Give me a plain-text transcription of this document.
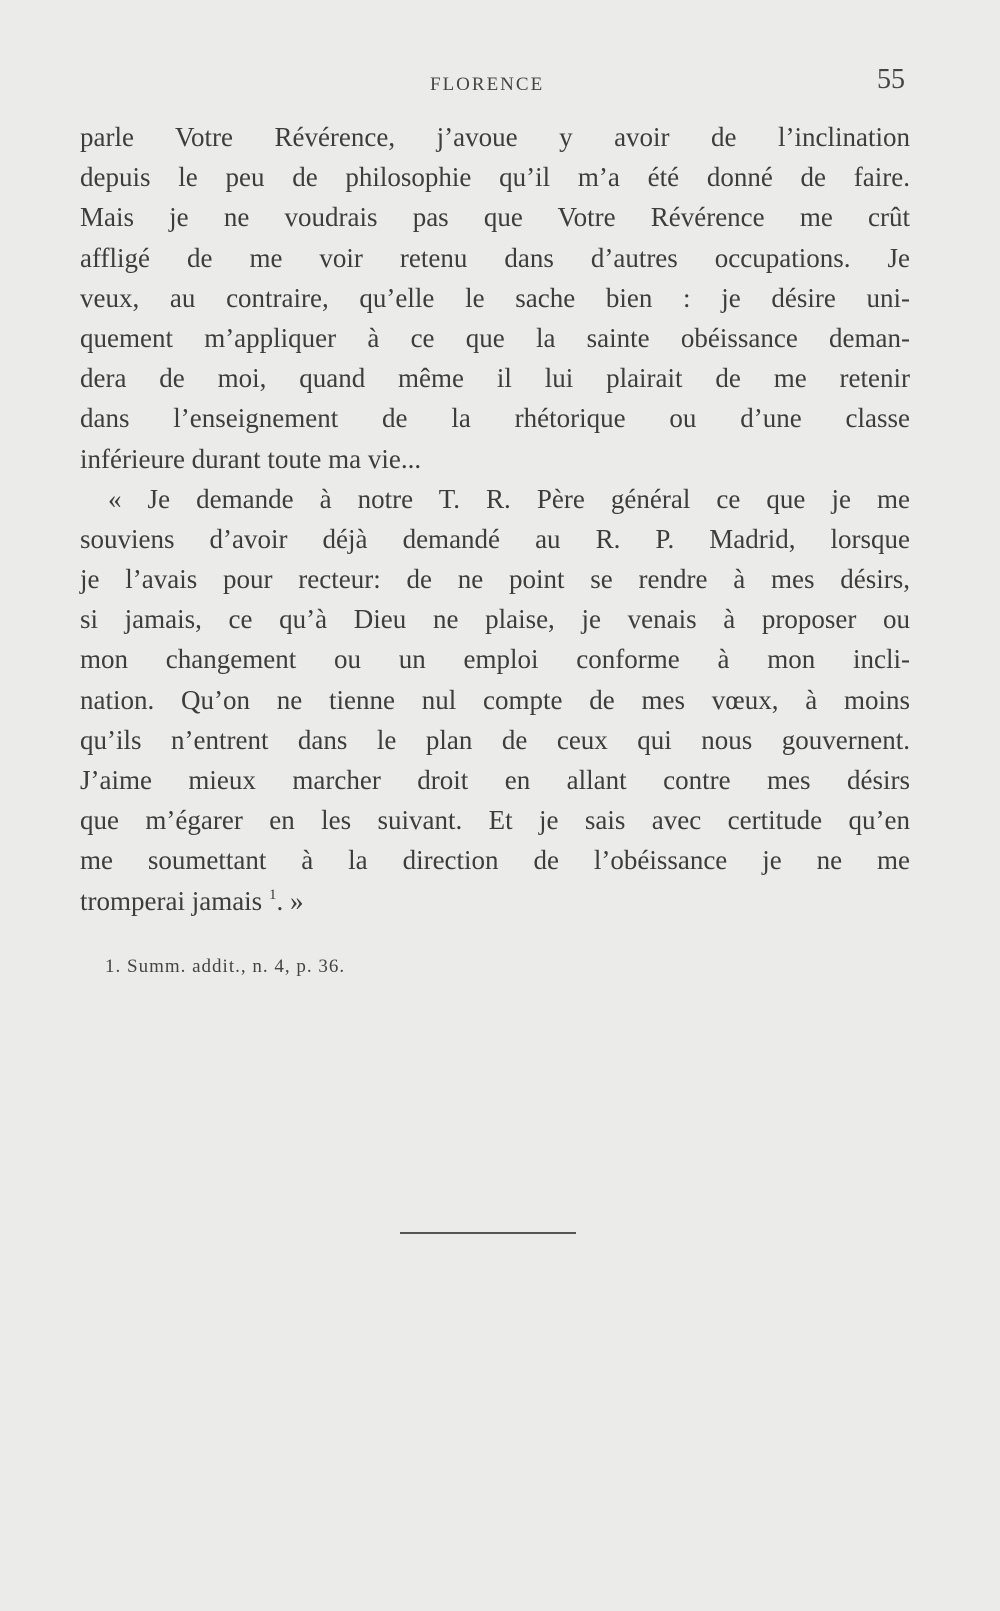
FLORENCE	55
parle Votre Révérence, j’avoue y avoir de l’inclination
depuis le peu de philosophie qu’il m’a été donné de faire.
Mais je ne voudrais pas que Votre Révérence me crût
affligé de me voir retenu dans d’autres occupations. Je
veux, au contraire, qu’elle le sache bien : je désire uni-
quement m’appliquer à ce que la sainte obéissance deman-
dera de moi, quand même il lui plairait de me retenir
dans l’enseignement de la rhétorique ou d’une classe
inférieure durant toute ma vie...
« Je demande à notre T. R. Père général ce que je me
souviens d’avoir déjà demandé au R. P. Madrid, lorsque
je l’avais pour recteur: de ne point se rendre à mes désirs,
si jamais, ce qu’à Dieu ne plaise, je venais à proposer ou
mon changement ou un emploi conforme à mon incli-
nation. Qu’on ne tienne nul compte de mes vœux, à moins
qu’ils n’entrent dans le plan de ceux qui nous gouvernent.
J’aime mieux marcher droit en allant contre mes désirs
que m’égarer en les suivant. Et je sais avec certitude qu’en
me soumettant à la direction de l’obéissance je ne me
tromperai jamais $^1$. »
1. Summ. addit., n. 4, p. 36.
